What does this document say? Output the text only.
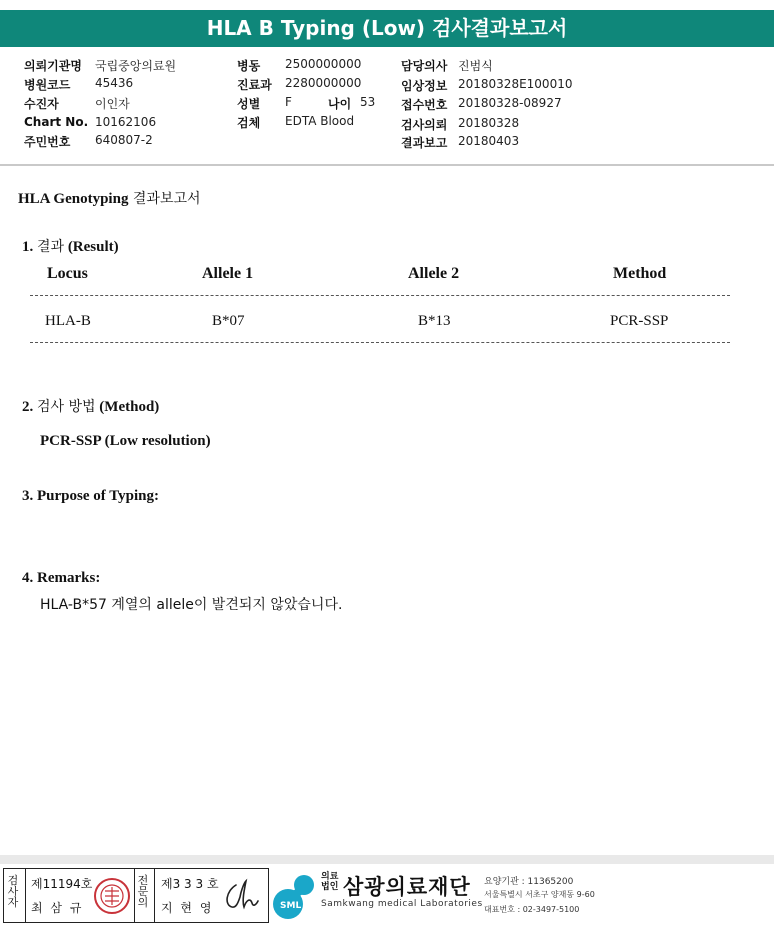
HLA B Typing (Low) 검사결과보고서
의뢰기관명 국립중앙의료원
병원코드 45436
수진자	이인자
Chart No. 10162106
주민번호 640807-2
병동 2500000000
진료과 2280000000
성별 F	나이 53
검체 EDTA Blood
담당의사 진범식
임상정보 20180328E100010
접수번호 20180328-08927
검사의뢰 20180328
결과보고 20180403
HLA Genotyping 결과보고서
1. 결과 (Result)
Locus	Allele 1	Allele 2	Method
HLA-B	B*07	B*13	PCR-SSP
2. 검사 방법 (Method)
PCR-SSP (Low resolution)
3. Purpose of Typing:
4. Remarks:
HLA-B*57 계열의 allele이 발견되지 않았습니다.
검사자
제11194호
최 삼 규
전문의
제3 3 3 호
지 현 영	SML
의료
법인 삼광의료재단
Samkwang medical Laboratories
요양기관 : 11365200
서울특별시 서초구 양재동 9-60
대표번호 : 02-3497-5100
